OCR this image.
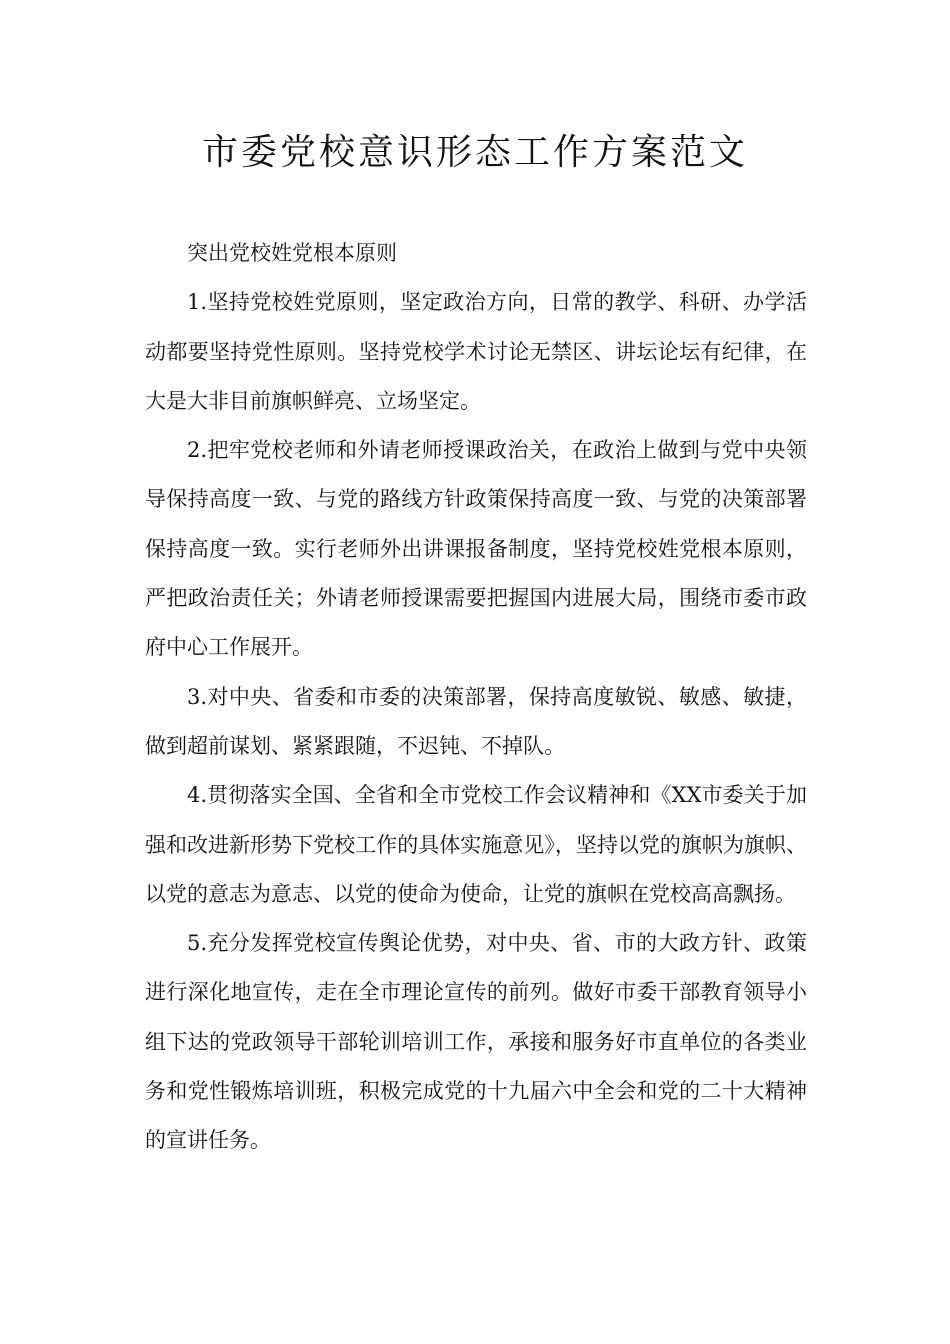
市委党校意识形态工作方案范文

突出党校姓党根本原则

1.坚持党校姓党原则，坚定政治方向，日常的教学、科研、办学活动都要坚持党性原则。坚持党校学术讨论无禁区、讲坛论坛有纪律，在大是大非目前旗帜鲜亮、立场坚定。

2.把牢党校老师和外请老师授课政治关，在政治上做到与党中央领导保持高度一致、与党的路线方针政策保持高度一致、与党的决策部署保持高度一致。实行老师外出讲课报备制度，坚持党校姓党根本原则，严把政治责任关；外请老师授课需要把握国内进展大局，围绕市委市政府中心工作展开。

3.对中央、省委和市委的决策部署，保持高度敏锐、敏感、敏捷，做到超前谋划、紧紧跟随，不迟钝、不掉队。

4.贯彻落实全国、全省和全市党校工作会议精神和《XX市委关于加强和改进新形势下党校工作的具体实施意见》，坚持以党的旗帜为旗帜、以党的意志为意志、以党的使命为使命，让党的旗帜在党校高高飘扬。

5.充分发挥党校宣传舆论优势，对中央、省、市的大政方针、政策进行深化地宣传，走在全市理论宣传的前列。做好市委干部教育领导小组下达的党政领导干部轮训培训工作，承接和服务好市直单位的各类业务和党性锻炼培训班，积极完成党的十九届六中全会和党的二十大精神的宣讲任务。
